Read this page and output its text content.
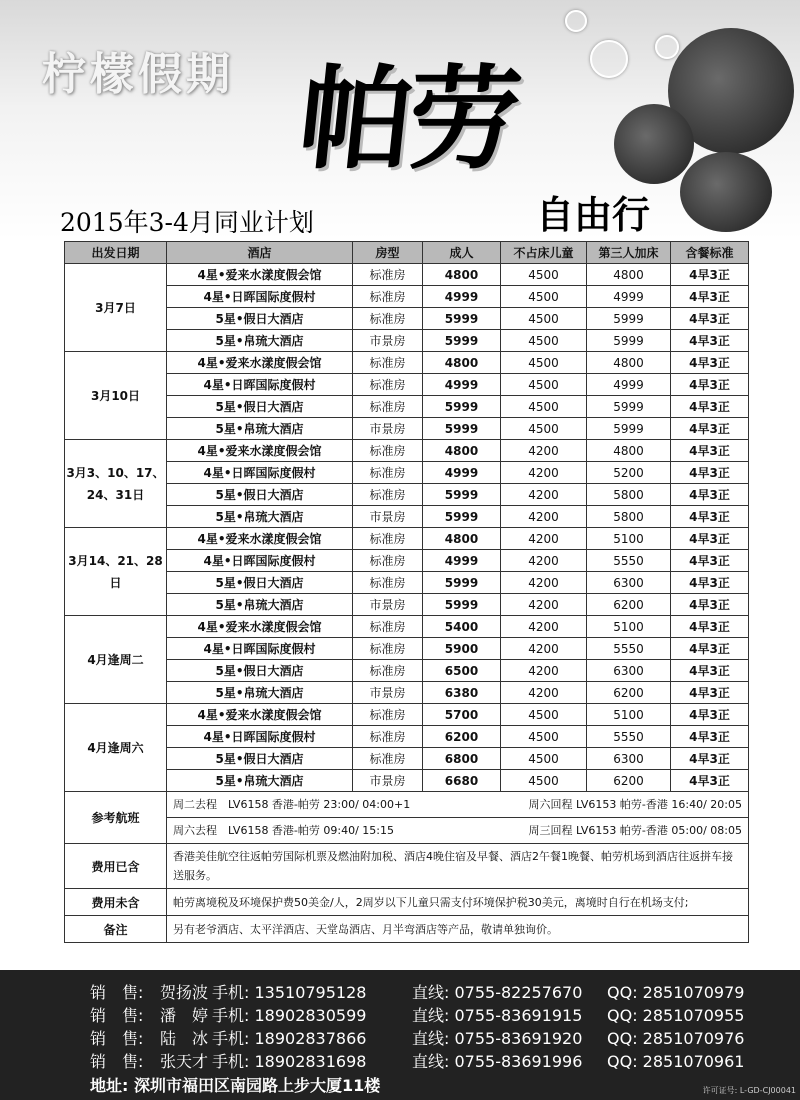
柠檬假期 帕劳
自由行
2015年3-4月同业计划
出发日期	酒店	房型	成人	不占床儿童	第三人加床	含餐标准
3月7日	4星•爱来水漾度假会馆	标准房	4800	4500	4800	4早3正
	4星•日晖国际度假村	标准房	4999	4500	4999	4早3正
	5星•假日大酒店	标准房	5999	4500	5999	4早3正
	5星•帛琉大酒店	市景房	5999	4500	5999	4早3正
3月10日	4星•爱来水漾度假会馆	标准房	4800	4500	4800	4早3正
	4星•日晖国际度假村	标准房	4999	4500	4999	4早3正
	5星•假日大酒店	标准房	5999	4500	5999	4早3正
	5星•帛琉大酒店	市景房	5999	4500	5999	4早3正
3月3、10、17、24、31日	4星•爱来水漾度假会馆	标准房	4800	4200	4800	4早3正
	4星•日晖国际度假村	标准房	4999	4200	5200	4早3正
	5星•假日大酒店	标准房	5999	4200	5800	4早3正
	5星•帛琉大酒店	市景房	5999	4200	5800	4早3正
3月14、21、28日	4星•爱来水漾度假会馆	标准房	4800	4200	5100	4早3正
	4星•日晖国际度假村	标准房	4999	4200	5550	4早3正
	5星•假日大酒店	标准房	5999	4200	6300	4早3正
	5星•帛琉大酒店	市景房	5999	4200	6200	4早3正
4月逢周二	4星•爱来水漾度假会馆	标准房	5400	4200	5100	4早3正
	4星•日晖国际度假村	标准房	5900	4200	5550	4早3正
	5星•假日大酒店	标准房	6500	4200	6300	4早3正
	5星•帛琉大酒店	市景房	6380	4200	6200	4早3正
4月逢周六	4星•爱来水漾度假会馆	标准房	5700	4500	5100	4早3正
	4星•日晖国际度假村	标准房	6200	4500	5550	4早3正
	5星•假日大酒店	标准房	6800	4500	6300	4早3正
	5星•帛琉大酒店	市景房	6680	4500	6200	4早3正
参考航班	周二去程　LV6158 香港-帕劳 23:00/ 04:00+1 周六回程 LV6153 帕劳-香港 16:40/ 20:05					

	周六去程　LV6158 香港-帕劳 09:40/ 15:15 周三回程 LV6153 帕劳-香港 05:00/ 08:05					

费用已含	香港美佳航空往返帕劳国际机票及燃油附加税、酒店4晚住宿及早餐、酒店2午餐1晚餐、帕劳机场到酒店往返拼车接送服务。					
费用未含	帕劳离境税及环境保护费50美金/人，2周岁以下儿童只需支付环境保护税30美元，离境时自行在机场支付;					
备注	另有老爷酒店、太平洋酒店、天堂岛酒店、月半弯酒店等产品，敬请单独询价。					
销　售: 贺扬波 手机: 13510795128	直线: 0755-82257670 QQ: 2851070979
销　售: 潘　婷 手机: 18902830599	直线: 0755-83691915 QQ: 2851070955
销　售: 陆　冰 手机: 18902837866	直线: 0755-83691920 QQ: 2851070976
销　售: 张天才 手机: 18902831698	直线: 0755-83691996 QQ: 2851070961
地址: 深圳市福田区南园路上步大厦11楼	许可证号: L-GD-CJ00041
